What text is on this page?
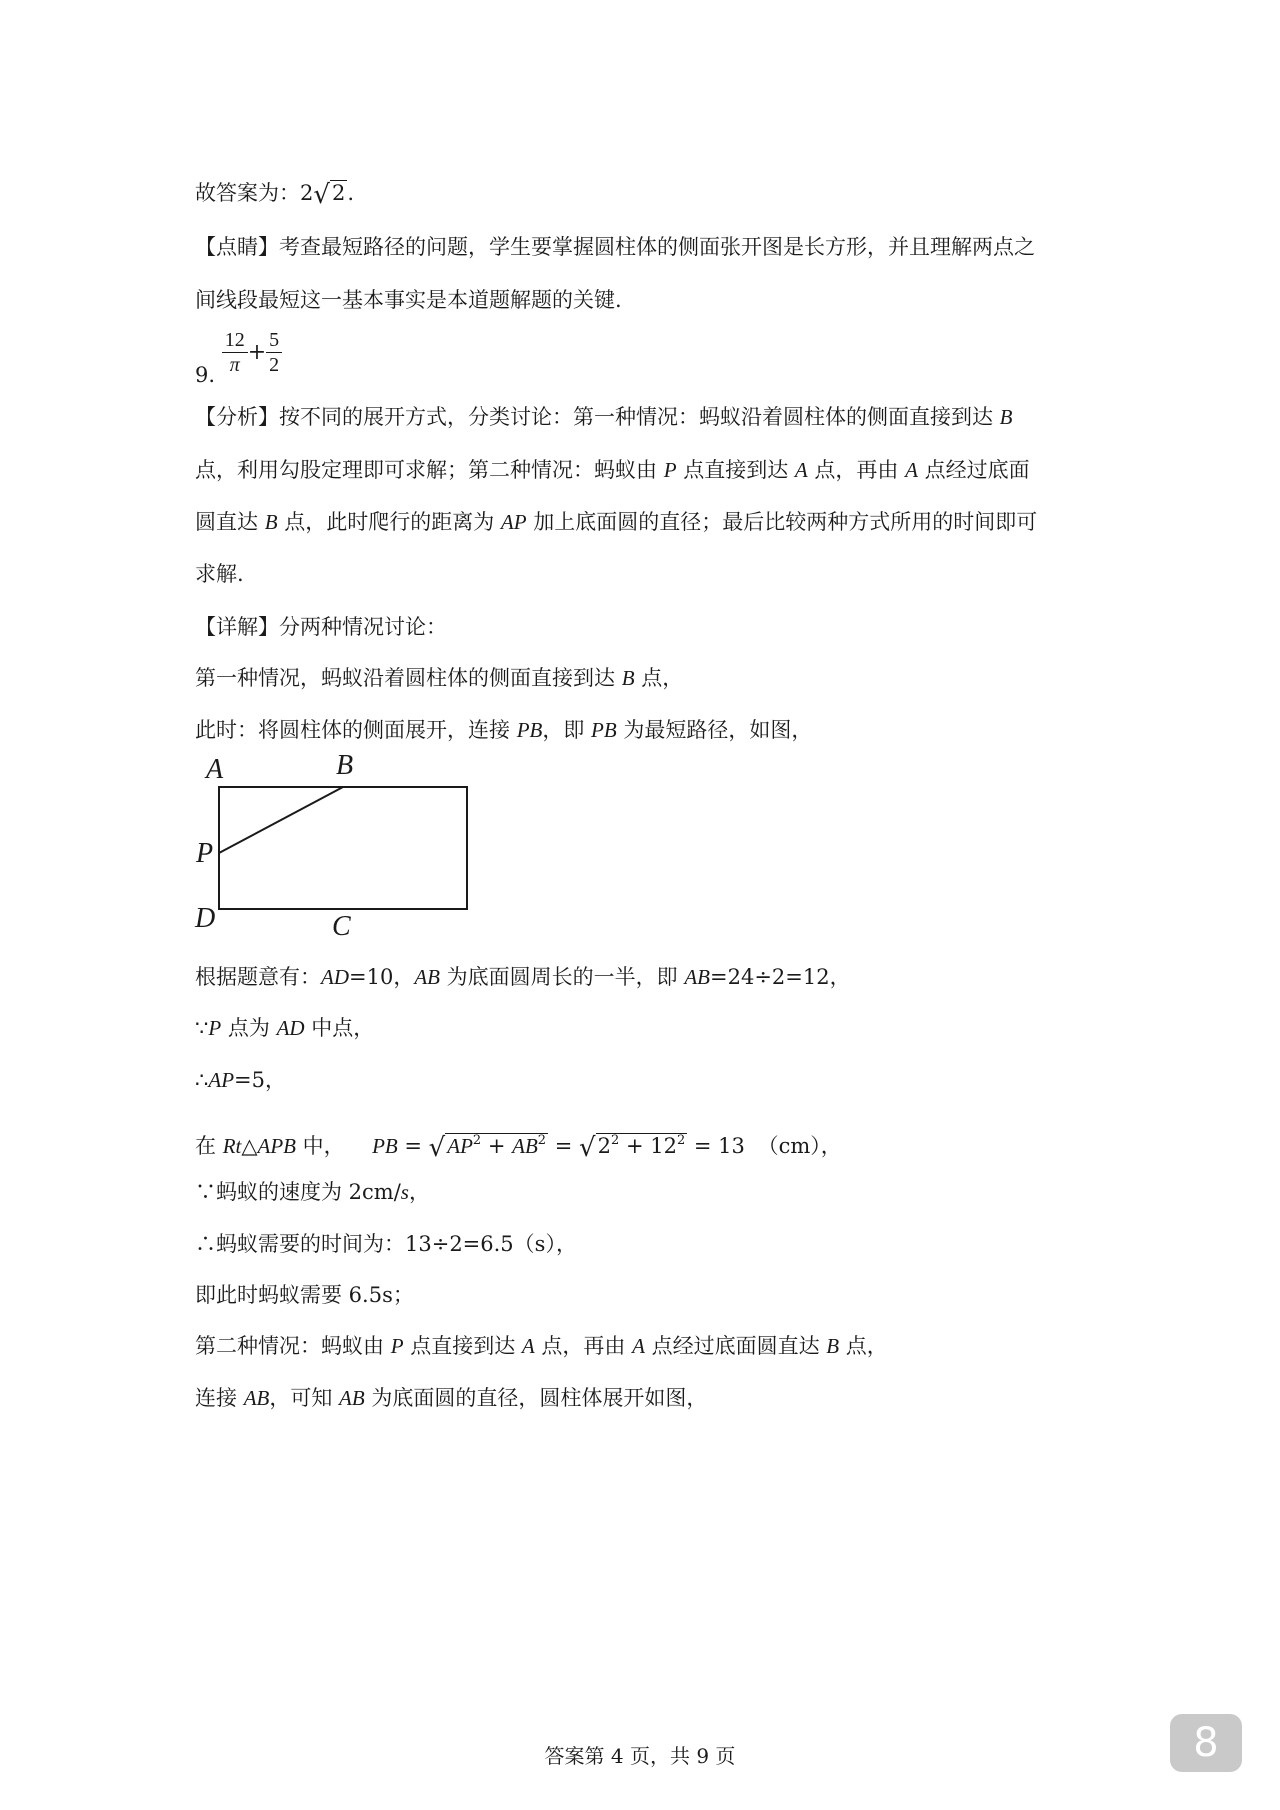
故答案为：2√2.
【点睛】考查最短路径的问题，学生要掌握圆柱体的侧面张开图是长方形，并且理解两点之
间线段最短这一基本事实是本道题解题的关键.
9. $\frac{12}{\pi} + \frac{5}{2}$
【分析】按不同的展开方式，分类讨论：第一种情况：蚂蚁沿着圆柱体的侧面直接到达 B
点，利用勾股定理即可求解；第二种情况：蚂蚁由 P 点直接到达 A 点，再由 A 点经过底面
圆直达 B 点，此时爬行的距离为 AP 加上底面圆的直径；最后比较两种方式所用的时间即可
求解.
【详解】分两种情况讨论：
第一种情况，蚂蚁沿着圆柱体的侧面直接到达 B 点，
此时：将圆柱体的侧面展开，连接 PB，即 PB 为最短路径，如图，
A	B
P
D	C
根据题意有：AD=10，AB 为底面圆周长的一半，即 AB=24÷2=12，
∵P 点为 AD 中点，
∴AP=5，
在 Rt△APB 中， PB = $√AP^2 + AB^2 = √2^2 + 12^2 = 13$ （cm），
∵蚂蚁的速度为 2cm/s，
∴蚂蚁需要的时间为：13÷2=6.5（s），
即此时蚂蚁需要 6.5s；
第二种情况：蚂蚁由 P 点直接到达 A 点，再由 A 点经过底面圆直达 B 点，
连接 AB，可知 AB 为底面圆的直径，圆柱体展开如图，
答案第 4 页，共 9 页	8
